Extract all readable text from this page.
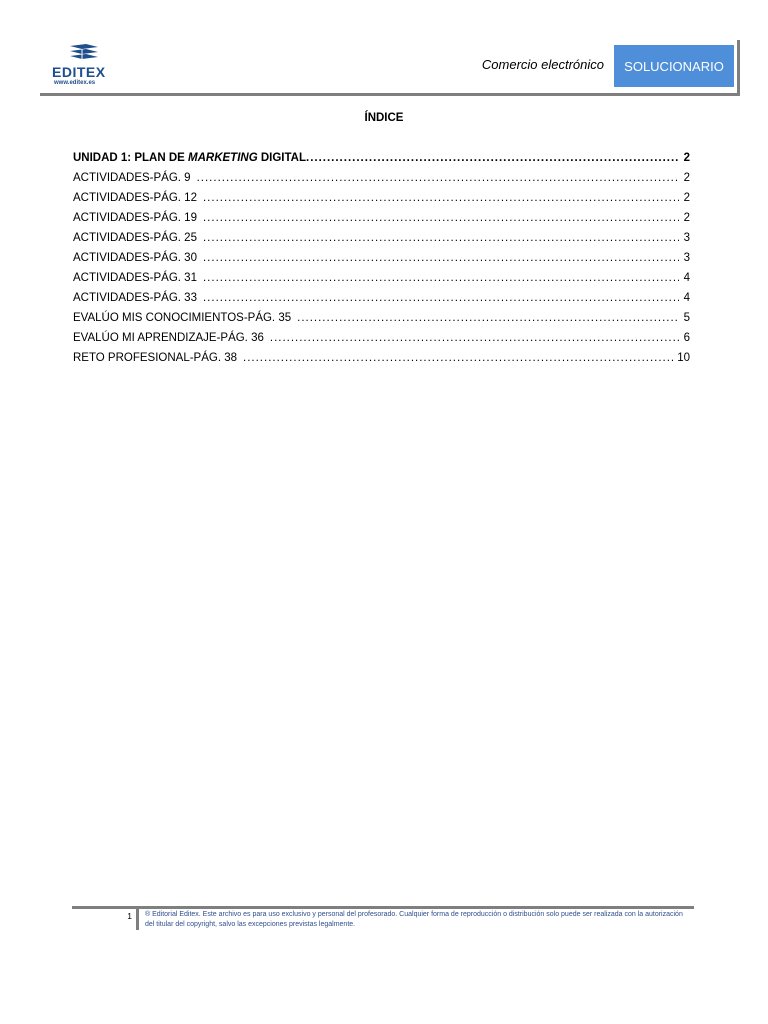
EDITEX
www.editex.es
Comercio electrónico	SOLUCIONARIO
ÍNDICE
UNIDAD 1: PLAN DE MARKETING DIGITAL .....	2
ACTIVIDADES-PÁG. 9 .....	2
ACTIVIDADES-PÁG. 12 .....	2
ACTIVIDADES-PÁG. 19 .....	2
ACTIVIDADES-PÁG. 25 .....	3
ACTIVIDADES-PÁG. 30 .....	3
ACTIVIDADES-PÁG. 31 .....	4
ACTIVIDADES-PÁG. 33 .....	4
EVALÚO MIS CONOCIMIENTOS-PÁG. 35 .....	5
EVALÚO MI APRENDIZAJE-PÁG. 36 .....	6
RETO PROFESIONAL-PÁG. 38 .....	10
1 ® Editorial Editex. Este archivo es para uso exclusivo y personal del profesorado. Cualquier forma de reproducción o distribución solo puede ser realizada con la autorización del titular del copyright, salvo las excepciones previstas legalmente.
